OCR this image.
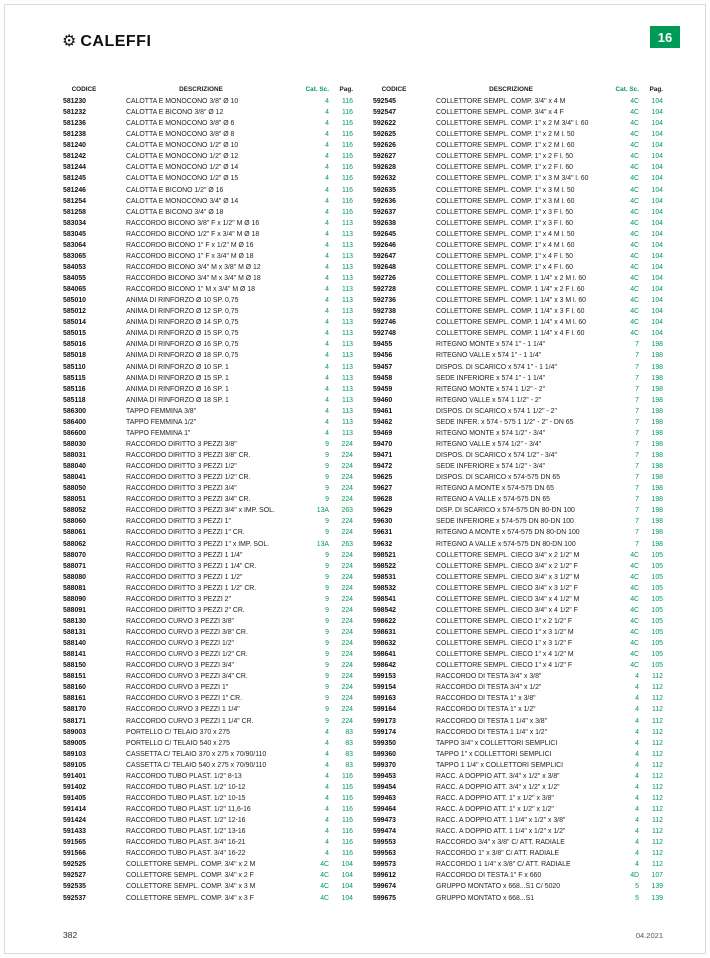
⚙ CALEFFI	16
CODICE	DESCRIZIONE	Cat. Sc.	Pag.
581230	CALOTTA E MONOCONO 3/8" Ø 10	4	116
581232	CALOTTA E BICONO 3/8" Ø 12	4	116
581236	CALOTTA E MONOCONO 3/8" Ø 6	4	116
581238	CALOTTA E MONOCONO 3/8" Ø 8	4	116
581240	CALOTTA E MONOCONO 1/2" Ø 10	4	116
581242	CALOTTA E MONOCONO 1/2" Ø 12	4	116
581244	CALOTTA E MONOCONO 1/2" Ø 14	4	116
581245	CALOTTA E MONOCONO 1/2" Ø 15	4	116
581246	CALOTTA E BICONO 1/2" Ø 16	4	116
581254	CALOTTA E MONOCONO 3/4" Ø 14	4	116
581258	CALOTTA E BICONO 3/4" Ø 18	4	116
583034	RACCORDO BICONO 3/8" F x 1/2" M Ø 16	4	113
583045	RACCORDO BICONO 1/2" F x 3/4" M Ø 18	4	113
583064	RACCORDO BICONO 1" F x 1/2" M Ø 16	4	113
583065	RACCORDO BICONO 1" F x 3/4" M Ø 18	4	113
584053	RACCORDO BICONO 3/4" M x 3/8" M Ø 12	4	113
584055	RACCORDO BICONO 3/4" M x 3/4" M Ø 18	4	113
584065	RACCORDO BICONO 1" M x 3/4" M Ø 18	4	113
585010	ANIMA DI RINFORZO Ø 10 SP. 0,75	4	113
585012	ANIMA DI RINFORZO Ø 12 SP. 0,75	4	113
585014	ANIMA DI RINFORZO Ø 14 SP. 0,75	4	113
585015	ANIMA DI RINFORZO Ø 15 SP. 0,75	4	113
585016	ANIMA DI RINFORZO Ø 16 SP. 0,75	4	113
585018	ANIMA DI RINFORZO Ø 18 SP. 0,75	4	113
585110	ANIMA DI RINFORZO Ø 10 SP. 1	4	113
585115	ANIMA DI RINFORZO Ø 15 SP. 1	4	113
585116	ANIMA DI RINFORZO Ø 16 SP. 1	4	113
585118	ANIMA DI RINFORZO Ø 18 SP. 1	4	113
586300	TAPPO FEMMINA 3/8"	4	113
586400	TAPPO FEMMINA 1/2"	4	113
586600	TAPPO FEMMINA 1"	4	113
588030	RACCORDO DIRITTO 3 PEZZI 3/8"	9	224
588031	RACCORDO DIRITTO 3 PEZZI 3/8" CR.	9	224
588040	RACCORDO DIRITTO 3 PEZZI 1/2"	9	224
588041	RACCORDO DIRITTO 3 PEZZI 1/2" CR.	9	224
588050	RACCORDO DIRITTO 3 PEZZI 3/4"	9	224
588051	RACCORDO DIRITTO 3 PEZZI 3/4" CR.	9	224
588052	RACCORDO DIRITTO 3 PEZZI 3/4" x IMP. SOL.	13A	263
588060	RACCORDO DIRITTO 3 PEZZI 1"	9	224
588061	RACCORDO DIRITTO 3 PEZZI 1" CR.	9	224
588062	RACCORDO DIRITTO 3 PEZZI 1" x IMP. SOL.	13A	263
588070	RACCORDO DIRITTO 3 PEZZI 1 1/4"	9	224
588071	RACCORDO DIRITTO 3 PEZZI 1 1/4" CR.	9	224
588080	RACCORDO DIRITTO 3 PEZZI 1 1/2"	9	224
588081	RACCORDO DIRITTO 3 PEZZI 1 1/2" CR.	9	224
588090	RACCORDO DIRITTO 3 PEZZI 2"	9	224
588091	RACCORDO DIRITTO 3 PEZZI 2" CR.	9	224
588130	RACCORDO CURVO 3 PEZZI 3/8"	9	224
588131	RACCORDO CURVO 3 PEZZI 3/8" CR.	9	224
588140	RACCORDO CURVO 3 PEZZI 1/2"	9	224
588141	RACCORDO CURVO 3 PEZZI 1/2" CR.	9	224
588150	RACCORDO CURVO 3 PEZZI 3/4"	9	224
588151	RACCORDO CURVO 3 PEZZI 3/4" CR.	9	224
588160	RACCORDO CURVO 3 PEZZI 1"	9	224
588161	RACCORDO CURVO 3 PEZZI 1" CR.	9	224
588170	RACCORDO CURVO 3 PEZZI 1 1/4"	9	224
588171	RACCORDO CURVO 3 PEZZI 1 1/4" CR.	9	224
589003	PORTELLO C/ TELAIO 370 x 275	4	83
589005	PORTELLO C/ TELAIO 540 x 275	4	83
589103	CASSETTA C/ TELAIO 370 x 275 x 70/90/110	4	83
589105	CASSETTA C/ TELAIO 540 x 275 x 70/90/110	4	83
591401	RACCORDO TUBO PLAST. 1/2" 8-13	4	116
591402	RACCORDO TUBO PLAST. 1/2" 10-12	4	116
591405	RACCORDO TUBO PLAST. 1/2" 10-15	4	116
591414	RACCORDO TUBO PLAST. 1/2" 11,6-16	4	116
591424	RACCORDO TUBO PLAST. 1/2" 12-16	4	116
591433	RACCORDO TUBO PLAST. 1/2" 13-16	4	116
591565	RACCORDO TUBO PLAST. 3/4" 16-21	4	116
591566	RACCORDO TUBO PLAST. 3/4" 16-22	4	116
592525	COLLETTORE SEMPL. COMP. 3/4" x 2 M	4C	104
592527	COLLETTORE SEMPL. COMP. 3/4" x 2 F	4C	104
592535	COLLETTORE SEMPL. COMP. 3/4" x 3 M	4C	104
592537	COLLETTORE SEMPL. COMP. 3/4" x 3 F	4C	104
CODICE	DESCRIZIONE	Cat. Sc.	Pag.
592545	COLLETTORE SEMPL. COMP. 3/4" x 4 M	4C	104
592547	COLLETTORE SEMPL. COMP. 3/4" x 4 F	4C	104
592622	COLLETTORE SEMPL. COMP. 1" x 2 M 3/4" l. 60	4C	104
592625	COLLETTORE SEMPL. COMP. 1" x 2 M l. 50	4C	104
592626	COLLETTORE SEMPL. COMP. 1" x 2 M l. 60	4C	104
592627	COLLETTORE SEMPL. COMP. 1" x 2 F l. 50	4C	104
592628	COLLETTORE SEMPL. COMP. 1" x 2 F l. 60	4C	104
592632	COLLETTORE SEMPL. COMP. 1" x 3 M 3/4" l. 60	4C	104
592635	COLLETTORE SEMPL. COMP. 1" x 3 M l. 50	4C	104
592636	COLLETTORE SEMPL. COMP. 1" x 3 M l. 60	4C	104
592637	COLLETTORE SEMPL. COMP. 1" x 3 F l. 50	4C	104
592638	COLLETTORE SEMPL. COMP. 1" x 3 F l. 60	4C	104
592645	COLLETTORE SEMPL. COMP. 1" x 4 M l. 50	4C	104
592646	COLLETTORE SEMPL. COMP. 1" x 4 M l. 60	4C	104
592647	COLLETTORE SEMPL. COMP. 1" x 4 F l. 50	4C	104
592648	COLLETTORE SEMPL. COMP. 1" x 4 F l. 60	4C	104
592726	COLLETTORE SEMPL. COMP. 1 1/4" x 2 M l. 60	4C	104
592728	COLLETTORE SEMPL. COMP. 1 1/4" x 2 F l. 60	4C	104
592736	COLLETTORE SEMPL. COMP. 1 1/4" x 3 M l. 60	4C	104
592738	COLLETTORE SEMPL. COMP. 1 1/4" x 3 F l. 60	4C	104
592746	COLLETTORE SEMPL. COMP. 1 1/4" x 4 M l. 60	4C	104
592748	COLLETTORE SEMPL. COMP. 1 1/4" x 4 F l. 60	4C	104
59455	RITEGNO MONTE x 574 1" - 1 1/4"	7	198
59456	RITEGNO VALLE x 574 1" - 1 1/4"	7	198
59457	DISPOS. DI SCARICO x 574 1" - 1 1/4"	7	198
59458	SEDE INFERIORE x 574 1" - 1 1/4"	7	198
59459	RITEGNO MONTE x 574 1 1/2" - 2"	7	198
59460	RITEGNO VALLE x 574 1 1/2" - 2"	7	198
59461	DISPOS. DI SCARICO x 574 1 1/2" - 2"	7	198
59462	SEDE INFER. x 574 - 575 1 1/2" - 2" - DN 65	7	198
59469	RITEGNO MONTE x 574 1/2" - 3/4"	7	198
59470	RITEGNO VALLE x 574 1/2" - 3/4"	7	198
59471	DISPOS. DI SCARICO x 574 1/2" - 3/4"	7	198
59472	SEDE INFERIORE x 574 1/2" - 3/4"	7	198
59625	DISPOS. DI SCARICO x 574-575 DN 65	7	198
59627	RITEGNO A MONTE x 574-575 DN 65	7	198
59628	RITEGNO A VALLE x 574-575 DN 65	7	198
59629	DISP. DI SCARICO x 574-575 DN 80-DN 100	7	198
59630	SEDE INFERIORE x 574-575 DN 80-DN 100	7	198
59631	RITEGNO A MONTE x 574-575 DN 80-DN 100	7	198
59632	RITEGNO A VALLE x 574-575 DN 80-DN 100	7	198
598521	COLLETTORE SEMPL. CIECO 3/4" x 2 1/2" M	4C	105
598522	COLLETTORE SEMPL. CIECO 3/4" x 2 1/2" F	4C	105
598531	COLLETTORE SEMPL. CIECO 3/4" x 3 1/2" M	4C	105
598532	COLLETTORE SEMPL. CIECO 3/4" x 3 1/2" F	4C	105
598541	COLLETTORE SEMPL. CIECO 3/4" x 4 1/2" M	4C	105
598542	COLLETTORE SEMPL. CIECO 3/4" x 4 1/2" F	4C	105
598622	COLLETTORE SEMPL. CIECO 1" x 2 1/2" F	4C	105
598631	COLLETTORE SEMPL. CIECO 1" x 3 1/2" M	4C	105
598632	COLLETTORE SEMPL. CIECO 1" x 3 1/2" F	4C	105
598641	COLLETTORE SEMPL. CIECO 1" x 4 1/2" M	4C	105
598642	COLLETTORE SEMPL. CIECO 1" x 4 1/2" F	4C	105
599153	RACCORDO DI TESTA 3/4" x 3/8"	4	112
599154	RACCORDO DI TESTA 3/4" x 1/2"	4	112
599163	RACCORDO DI TESTA 1" x 3/8"	4	112
599164	RACCORDO DI TESTA 1" x 1/2"	4	112
599173	RACCORDO DI TESTA 1 1/4" x 3/8"	4	112
599174	RACCORDO DI TESTA 1 1/4" x 1/2"	4	112
599350	TAPPO 3/4" x COLLETTORI SEMPLICI	4	112
599360	TAPPO 1" x COLLETTORI SEMPLICI	4	112
599370	TAPPO 1 1/4" x COLLETTORI SEMPLICI	4	112
599453	RACC. A DOPPIO ATT. 3/4" x 1/2" x 3/8"	4	112
599454	RACC. A DOPPIO ATT. 3/4" x 1/2" x 1/2"	4	112
599463	RACC. A DOPPIO ATT. 1" x 1/2" x 3/8"	4	112
599464	RACC. A DOPPIO ATT. 1" x 1/2" x 1/2"	4	112
599473	RACC. A DOPPIO ATT. 1 1/4" x 1/2" x 3/8"	4	112
599474	RACC. A DOPPIO ATT. 1 1/4" x 1/2" x 1/2"	4	112
599553	RACCORDO 3/4" x 3/8" C/ ATT. RADIALE	4	112
599563	RACCORDO 1" x 3/8" C/ ATT. RADIALE	4	112
599573	RACCORDO 1 1/4" x 3/8" C/ ATT. RADIALE	4	112
599612	RACCORDO DI TESTA 1" F x 660	4D	107
599674	GRUPPO MONTATO x 668...S1 C/ 5020	5	139
599675	GRUPPO MONTATO x 668...S1	5	139
382	04.2021
